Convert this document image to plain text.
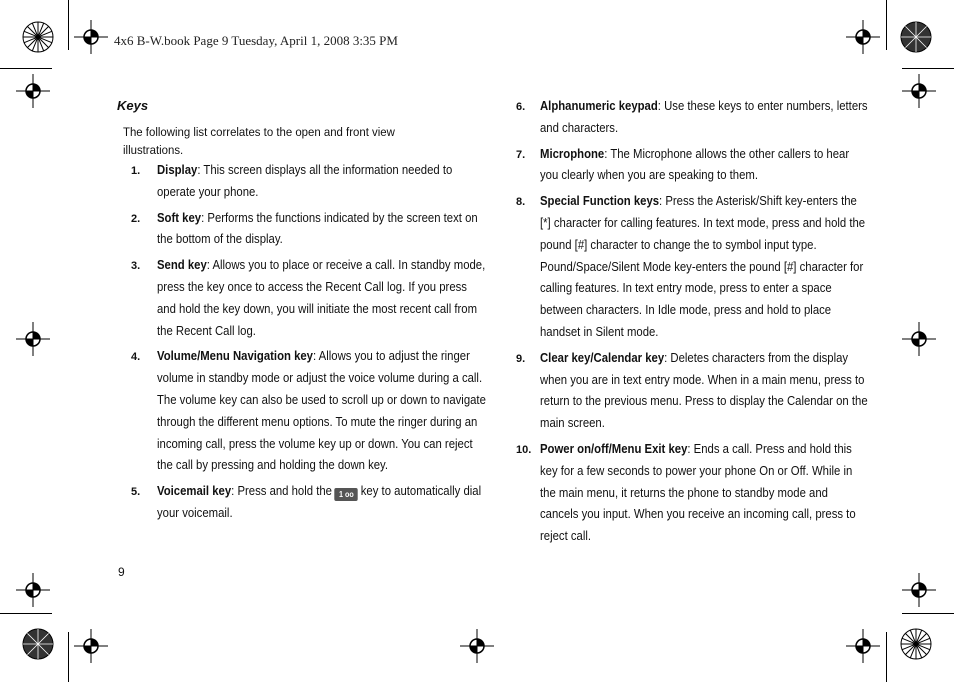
4x6 B-W.book Page 9 Tuesday, April 1, 2008 3:35 PM
Keys
The following list correlates to the open and front view illustrations.
1. Display: This screen displays all the information needed to operate your phone.
2. Soft key: Performs the functions indicated by the screen text on the bottom of the display.
3. Send key: Allows you to place or receive a call. In standby mode, press the key once to access the Recent Call log. If you press and hold the key down, you will initiate the most recent call from the Recent Call log.
4. Volume/Menu Navigation key: Allows you to adjust the ringer volume in standby mode or adjust the voice volume during a call. The volume key can also be used to scroll up or down to navigate through the different menu options. To mute the ringer during an incoming call, press the volume key up or down. You can reject the call by pressing and holding the down key.
5. Voicemail key: Press and hold the 1 oo key to automatically dial your voicemail.
6. Alphanumeric keypad: Use these keys to enter numbers, letters and characters.
7. Microphone: The Microphone allows the other callers to hear you clearly when you are speaking to them.
8. Special Function keys: Press the Asterisk/Shift key-enters the [*] character for calling features. In text mode, press and hold the pound [#] character to change the to symbol input type. Pound/Space/Silent Mode key-enters the pound [#] character for calling features. In text entry mode, press to enter a space between characters. In Idle mode, press and hold to place handset in Silent mode.
9. Clear key/Calendar key: Deletes characters from the display when you are in text entry mode. When in a main menu, press to return to the previous menu. Press to display the Calendar on the main screen.
10. Power on/off/Menu Exit key: Ends a call. Press and hold this key for a few seconds to power your phone On or Off. While in the main menu, it returns the phone to standby mode and cancels you input. When you receive an incoming call, press to reject call.
9
